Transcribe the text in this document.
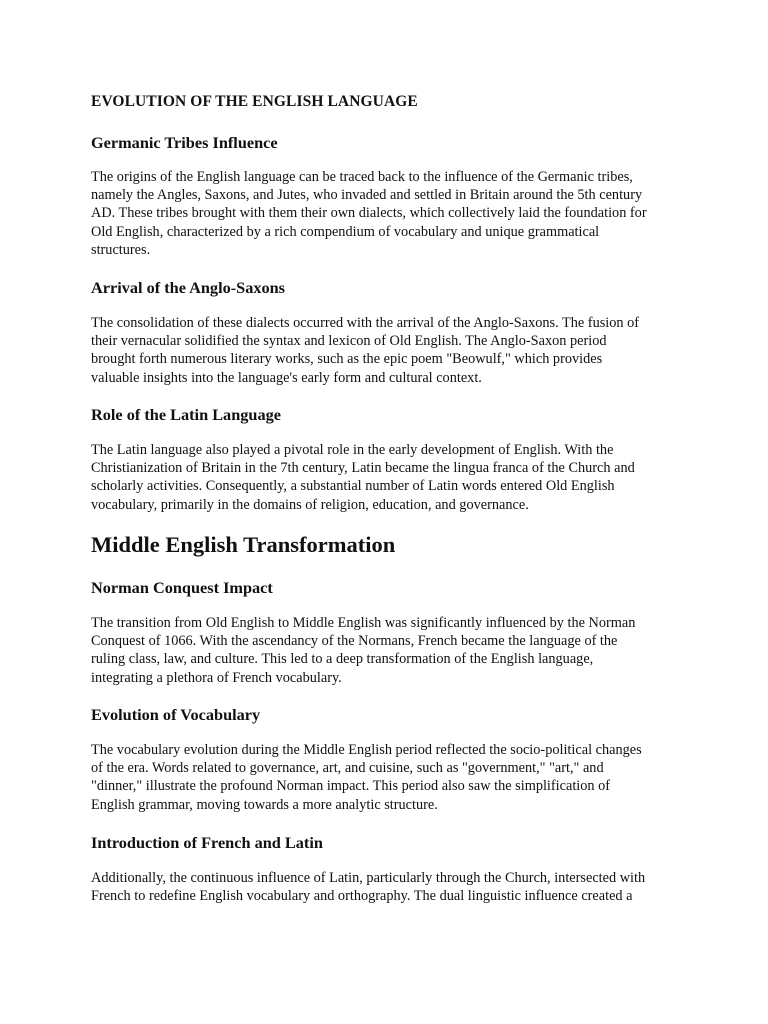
EVOLUTION OF THE ENGLISH LANGUAGE
Germanic Tribes Influence

The origins of the English language can be traced back to the influence of the Germanic tribes,
namely the Angles, Saxons, and Jutes, who invaded and settled in Britain around the 5th century
AD. These tribes brought with them their own dialects, which collectively laid the foundation for
Old English, characterized by a rich compendium of vocabulary and unique grammatical
structures.

Arrival of the Anglo-Saxons

The consolidation of these dialects occurred with the arrival of the Anglo-Saxons. The fusion of
their vernacular solidified the syntax and lexicon of Old English. The Anglo-Saxon period
brought forth numerous literary works, such as the epic poem "Beowulf," which provides
valuable insights into the language's early form and cultural context.

Role of the Latin Language

The Latin language also played a pivotal role in the early development of English. With the
Christianization of Britain in the 7th century, Latin became the lingua franca of the Church and
scholarly activities. Consequently, a substantial number of Latin words entered Old English
vocabulary, primarily in the domains of religion, education, and governance.

Middle English Transformation
Norman Conquest Impact

The transition from Old English to Middle English was significantly influenced by the Norman
Conquest of 1066. With the ascendancy of the Normans, French became the language of the
ruling class, law, and culture. This led to a deep transformation of the English language,
integrating a plethora of French vocabulary.

Evolution of Vocabulary

The vocabulary evolution during the Middle English period reflected the socio-political changes
of the era. Words related to governance, art, and cuisine, such as "government," "art," and
"dinner," illustrate the profound Norman impact. This period also saw the simplification of
English grammar, moving towards a more analytic structure.

Introduction of French and Latin

Additionally, the continuous influence of Latin, particularly through the Church, intersected with
French to redefine English vocabulary and orthography. The dual linguistic influence created a
